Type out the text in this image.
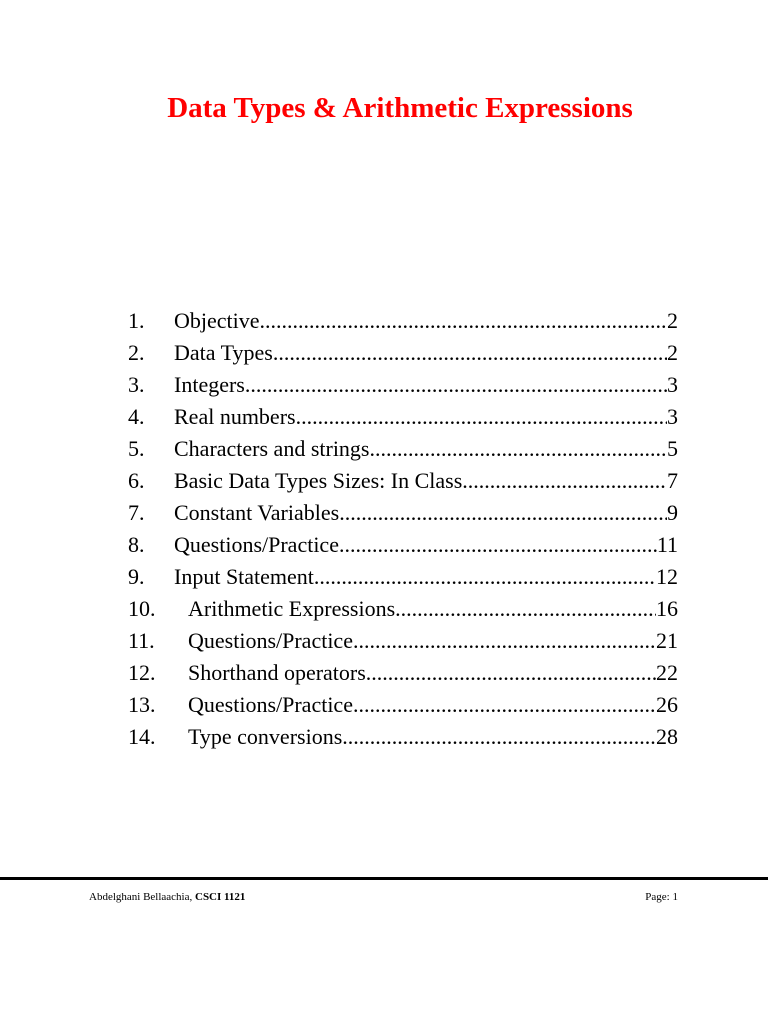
Data Types & Arithmetic Expressions
1.	Objective .....	2
2.	Data Types .....	2
3.	Integers .....	3
4.	Real numbers .....	3
5.	Characters and strings .....	5
6.	Basic Data Types Sizes: In Class .....	7
7.	Constant Variables .....	9
8.	Questions/Practice .....	11
9.	Input Statement .....	12
10.	Arithmetic Expressions .....	16
11.	Questions/Practice .....	21
12.	Shorthand operators .....	22
13.	Questions/Practice .....	26
14.	Type conversions .....	28
Abdelghani Bellaachia, CSCI 1121	Page: 1
